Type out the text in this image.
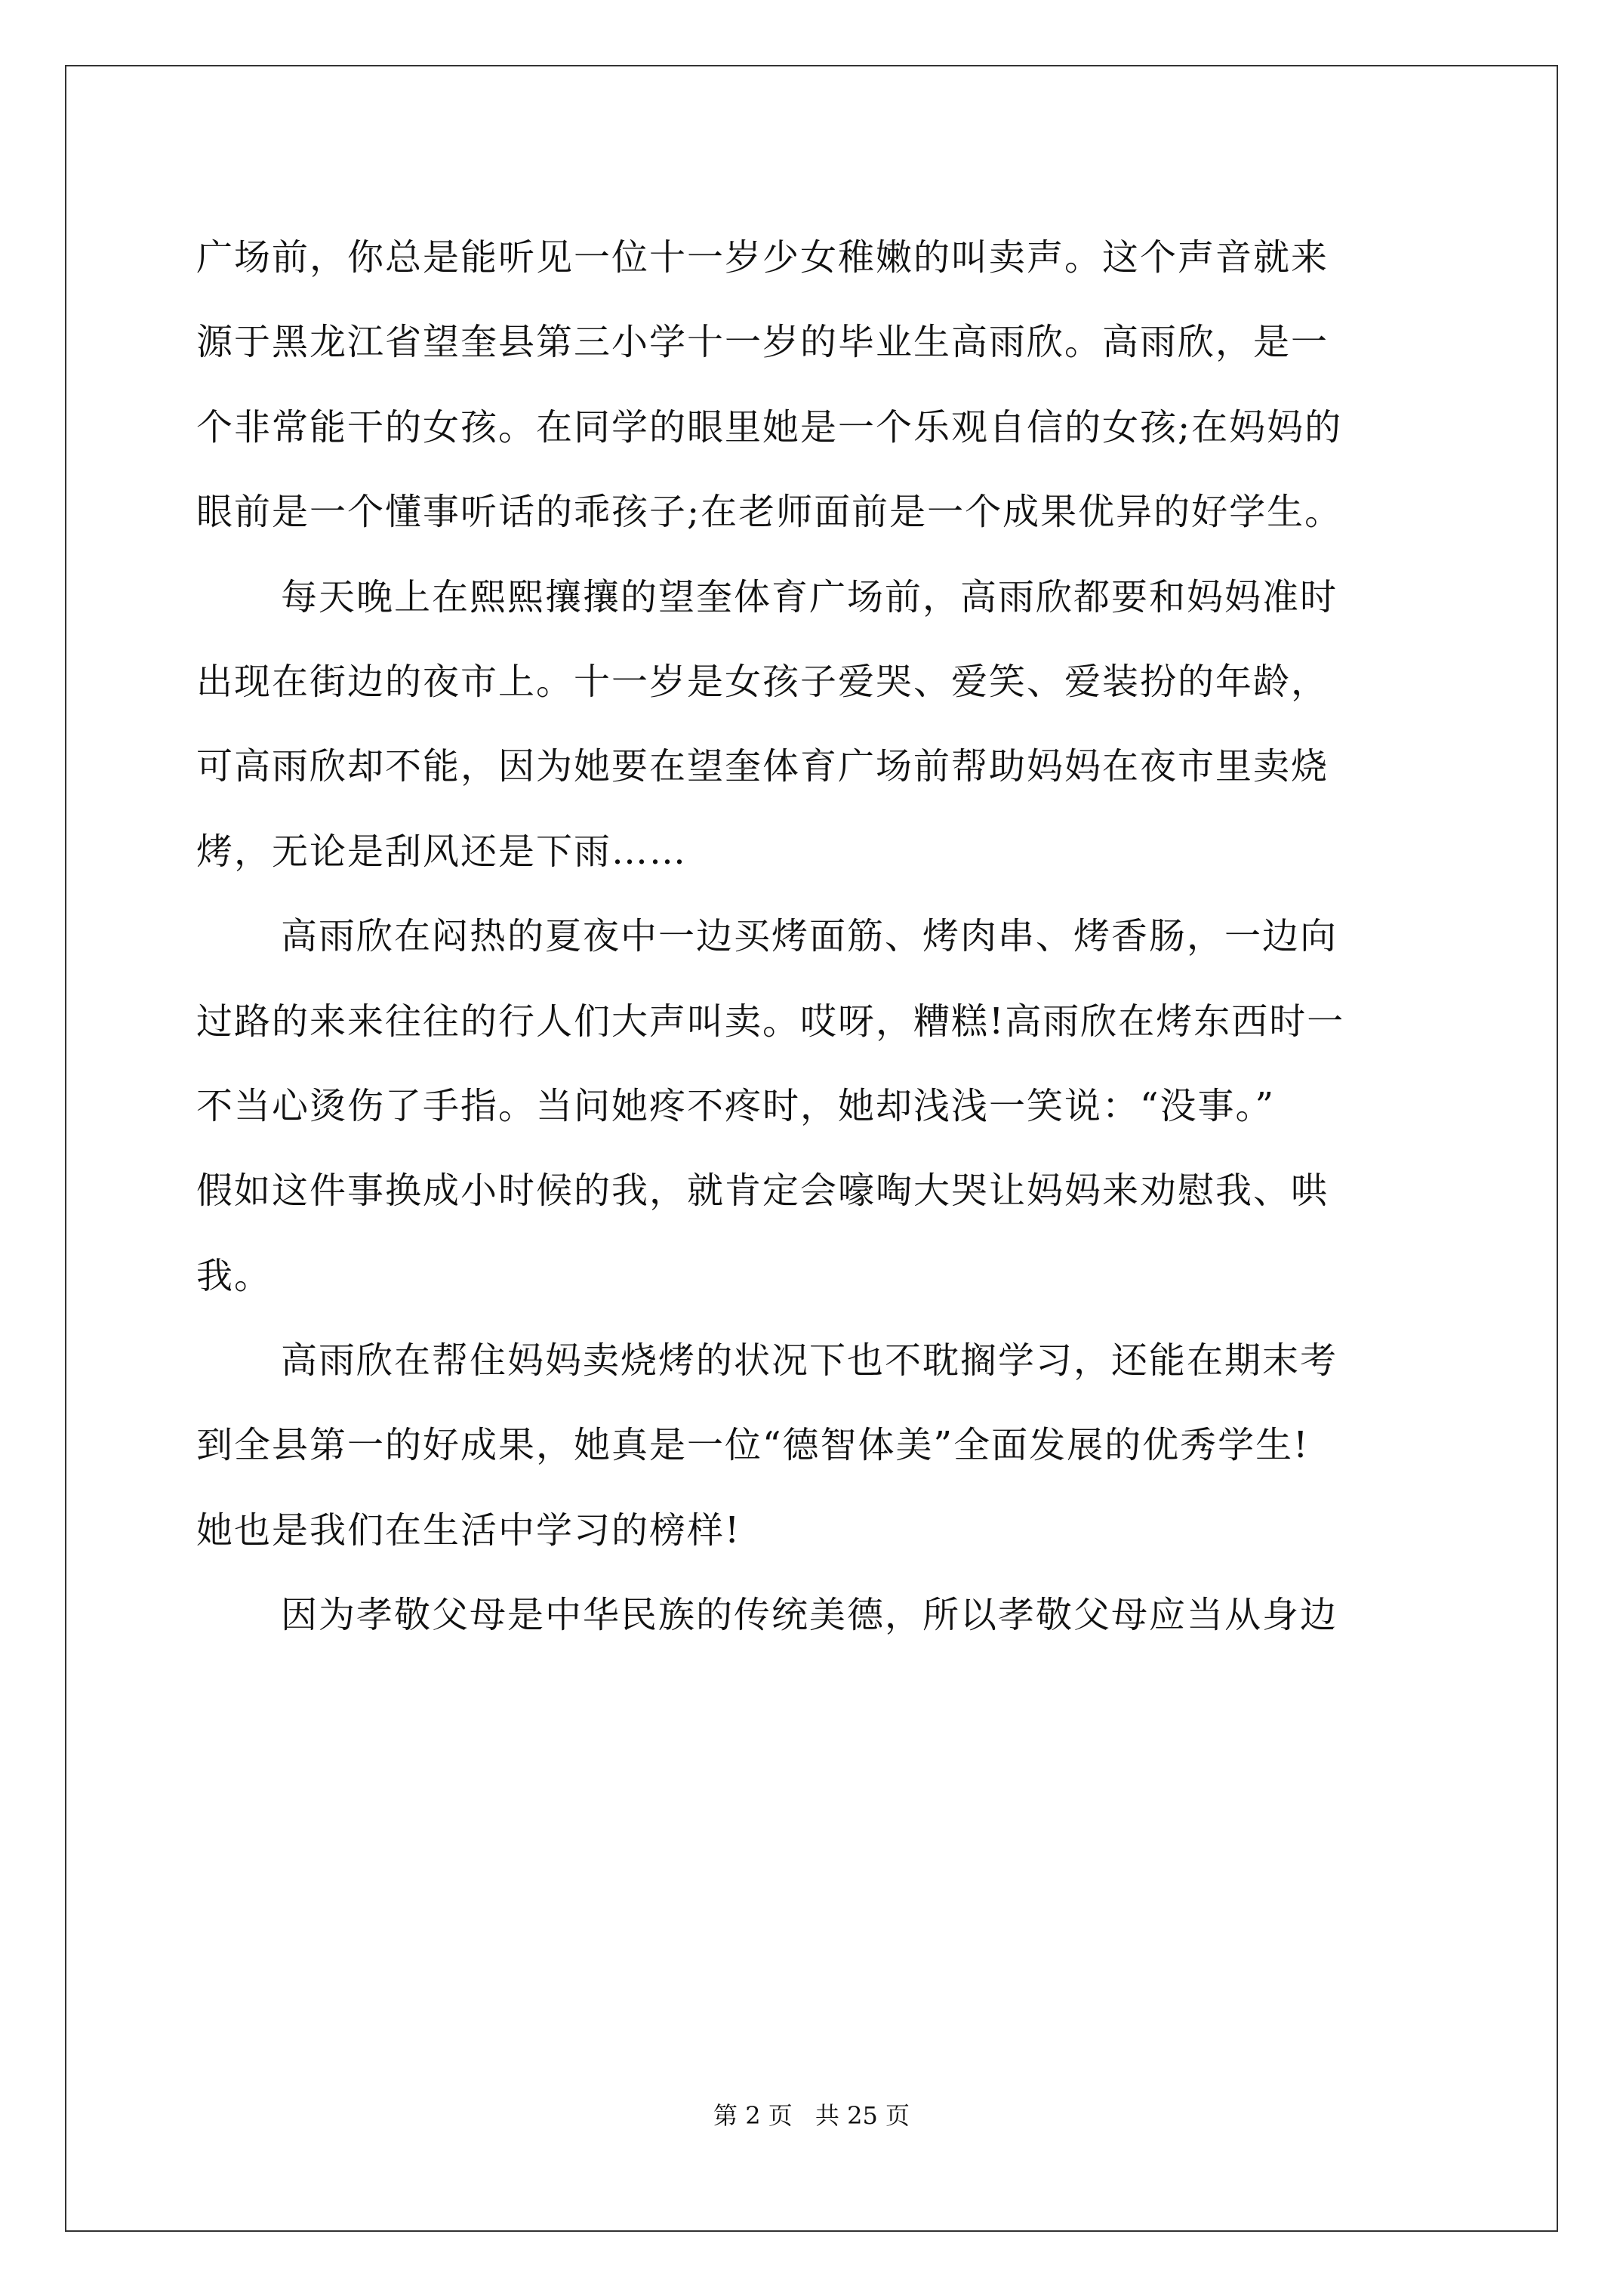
广场前，你总是能听见一位十一岁少女稚嫩的叫卖声。这个声音就来
源于黑龙江省望奎县第三小学十一岁的毕业生高雨欣。高雨欣，是一
个非常能干的女孩。在同学的眼里她是一个乐观自信的女孩;在妈妈的
眼前是一个懂事听话的乖孩子;在老师面前是一个成果优异的好学生。
每天晚上在熙熙攘攘的望奎体育广场前，高雨欣都要和妈妈准时
出现在街边的夜市上。十一岁是女孩子爱哭、爱笑、爱装扮的年龄，
可高雨欣却不能，因为她要在望奎体育广场前帮助妈妈在夜市里卖烧
烤，无论是刮风还是下雨……
高雨欣在闷热的夏夜中一边买烤面筋、烤肉串、烤香肠，一边向
过路的来来往往的行人们大声叫卖。哎呀，糟糕!高雨欣在烤东西时一
不当心烫伤了手指。当问她疼不疼时，她却浅浅一笑说：“没事。”
假如这件事换成小时候的我，就肯定会嚎啕大哭让妈妈来劝慰我、哄
我。
高雨欣在帮住妈妈卖烧烤的状况下也不耽搁学习，还能在期末考
到全县第一的好成果，她真是一位“德智体美”全面发展的优秀学生!
她也是我们在生活中学习的榜样!
因为孝敬父母是中华民族的传统美德，所以孝敬父母应当从身边
第 2 页 共 25 页
